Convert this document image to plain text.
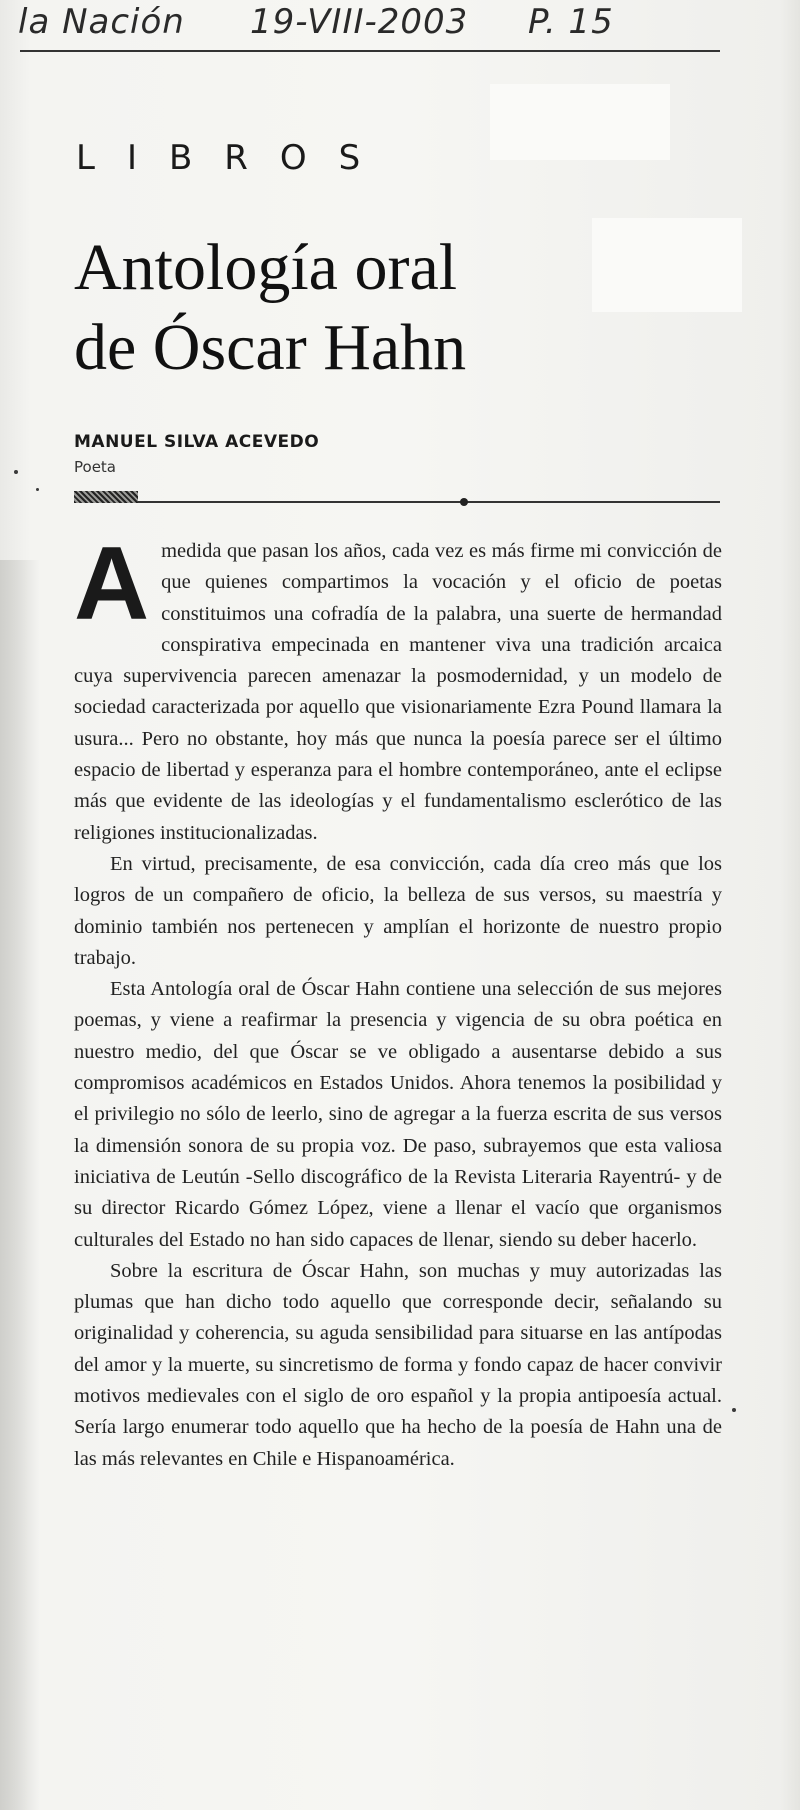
la Nación 19-VIII-2003 P. 15
LIBROS
Antología oral
de Óscar Hahn
MANUEL SILVA ACEVEDO
Poeta

Amedida que pasan los años, cada vez es más firme mi convicción de que quienes compartimos la vocación y el oficio de poetas constituimos una cofradía de la palabra, una suerte de hermandad conspirativa empecinada en mantener viva una tradición arcaica cuya supervivencia parecen amenazar la posmodernidad, y un modelo de sociedad caracterizada por aquello que visionariamente Ezra Pound llamara la usura... Pero no obstante, hoy más que nunca la poesía parece ser el último espacio de libertad y esperanza para el hombre contemporáneo, ante el eclipse más que evidente de las ideologías y el fundamentalismo esclerótico de las religiones institucionalizadas.

En virtud, precisamente, de esa convicción, cada día creo más que los logros de un compañero de oficio, la belleza de sus versos, su maestría y dominio también nos pertenecen y amplían el horizonte de nuestro propio trabajo.

Esta Antología oral de Óscar Hahn contiene una selección de sus mejores poemas, y viene a reafirmar la presencia y vigencia de su obra poética en nuestro medio, del que Óscar se ve obligado a ausentarse debido a sus compromisos académicos en Estados Unidos. Ahora tenemos la posibilidad y el privilegio no sólo de leerlo, sino de agregar a la fuerza escrita de sus versos la dimensión sonora de su propia voz. De paso, subrayemos que esta valiosa iniciativa de Leutún -Sello discográfico de la Revista Literaria Rayentrú- y de su director Ricardo Gómez López, viene a llenar el vacío que organismos culturales del Estado no han sido capaces de llenar, siendo su deber hacerlo.

Sobre la escritura de Óscar Hahn, son muchas y muy autorizadas las plumas que han dicho todo aquello que corresponde decir, señalando su originalidad y coherencia, su aguda sensibilidad para situarse en las antípodas del amor y la muerte, su sincretismo de forma y fondo capaz de hacer convivir motivos medievales con el siglo de oro español y la propia antipoesía actual. Sería largo enumerar todo aquello que ha hecho de la poesía de Hahn una de las más relevantes en Chile e Hispanoamérica.
